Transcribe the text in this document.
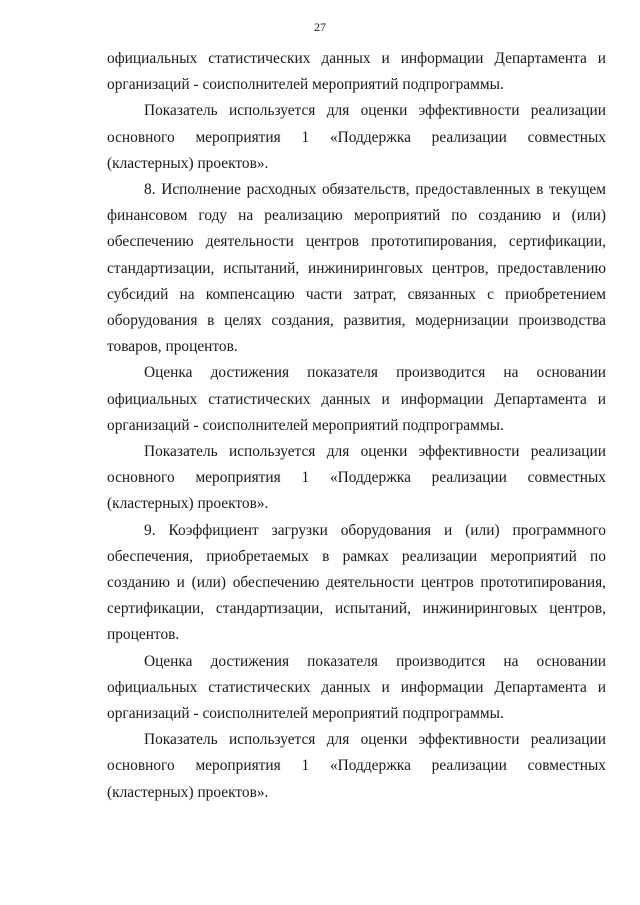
27

официальных статистических данных и информации Департамента и организаций - соисполнителей мероприятий подпрограммы.

Показатель используется для оценки эффективности реализации основного мероприятия 1 «Поддержка реализации совместных (кластерных) проектов».

8. Исполнение расходных обязательств, предоставленных в текущем финансовом году на реализацию мероприятий по созданию и (или) обеспечению деятельности центров прототипирования, сертификации, стандартизации, испытаний, инжиниринговых центров, предоставлению субсидий на компенсацию части затрат, связанных с приобретением оборудования в целях создания, развития, модернизации производства товаров, процентов.

Оценка достижения показателя производится на основании официальных статистических данных и информации Департамента и организаций - соисполнителей мероприятий подпрограммы.

Показатель используется для оценки эффективности реализации основного мероприятия 1 «Поддержка реализации совместных (кластерных) проектов».

9. Коэффициент загрузки оборудования и (или) программного обеспечения, приобретаемых в рамках реализации мероприятий по созданию и (или) обеспечению деятельности центров прототипирования, сертификации, стандартизации, испытаний, инжиниринговых центров, процентов.

Оценка достижения показателя производится на основании официальных статистических данных и информации Департамента и организаций - соисполнителей мероприятий подпрограммы.

Показатель используется для оценки эффективности реализации основного мероприятия 1 «Поддержка реализации совместных (кластерных) проектов».
